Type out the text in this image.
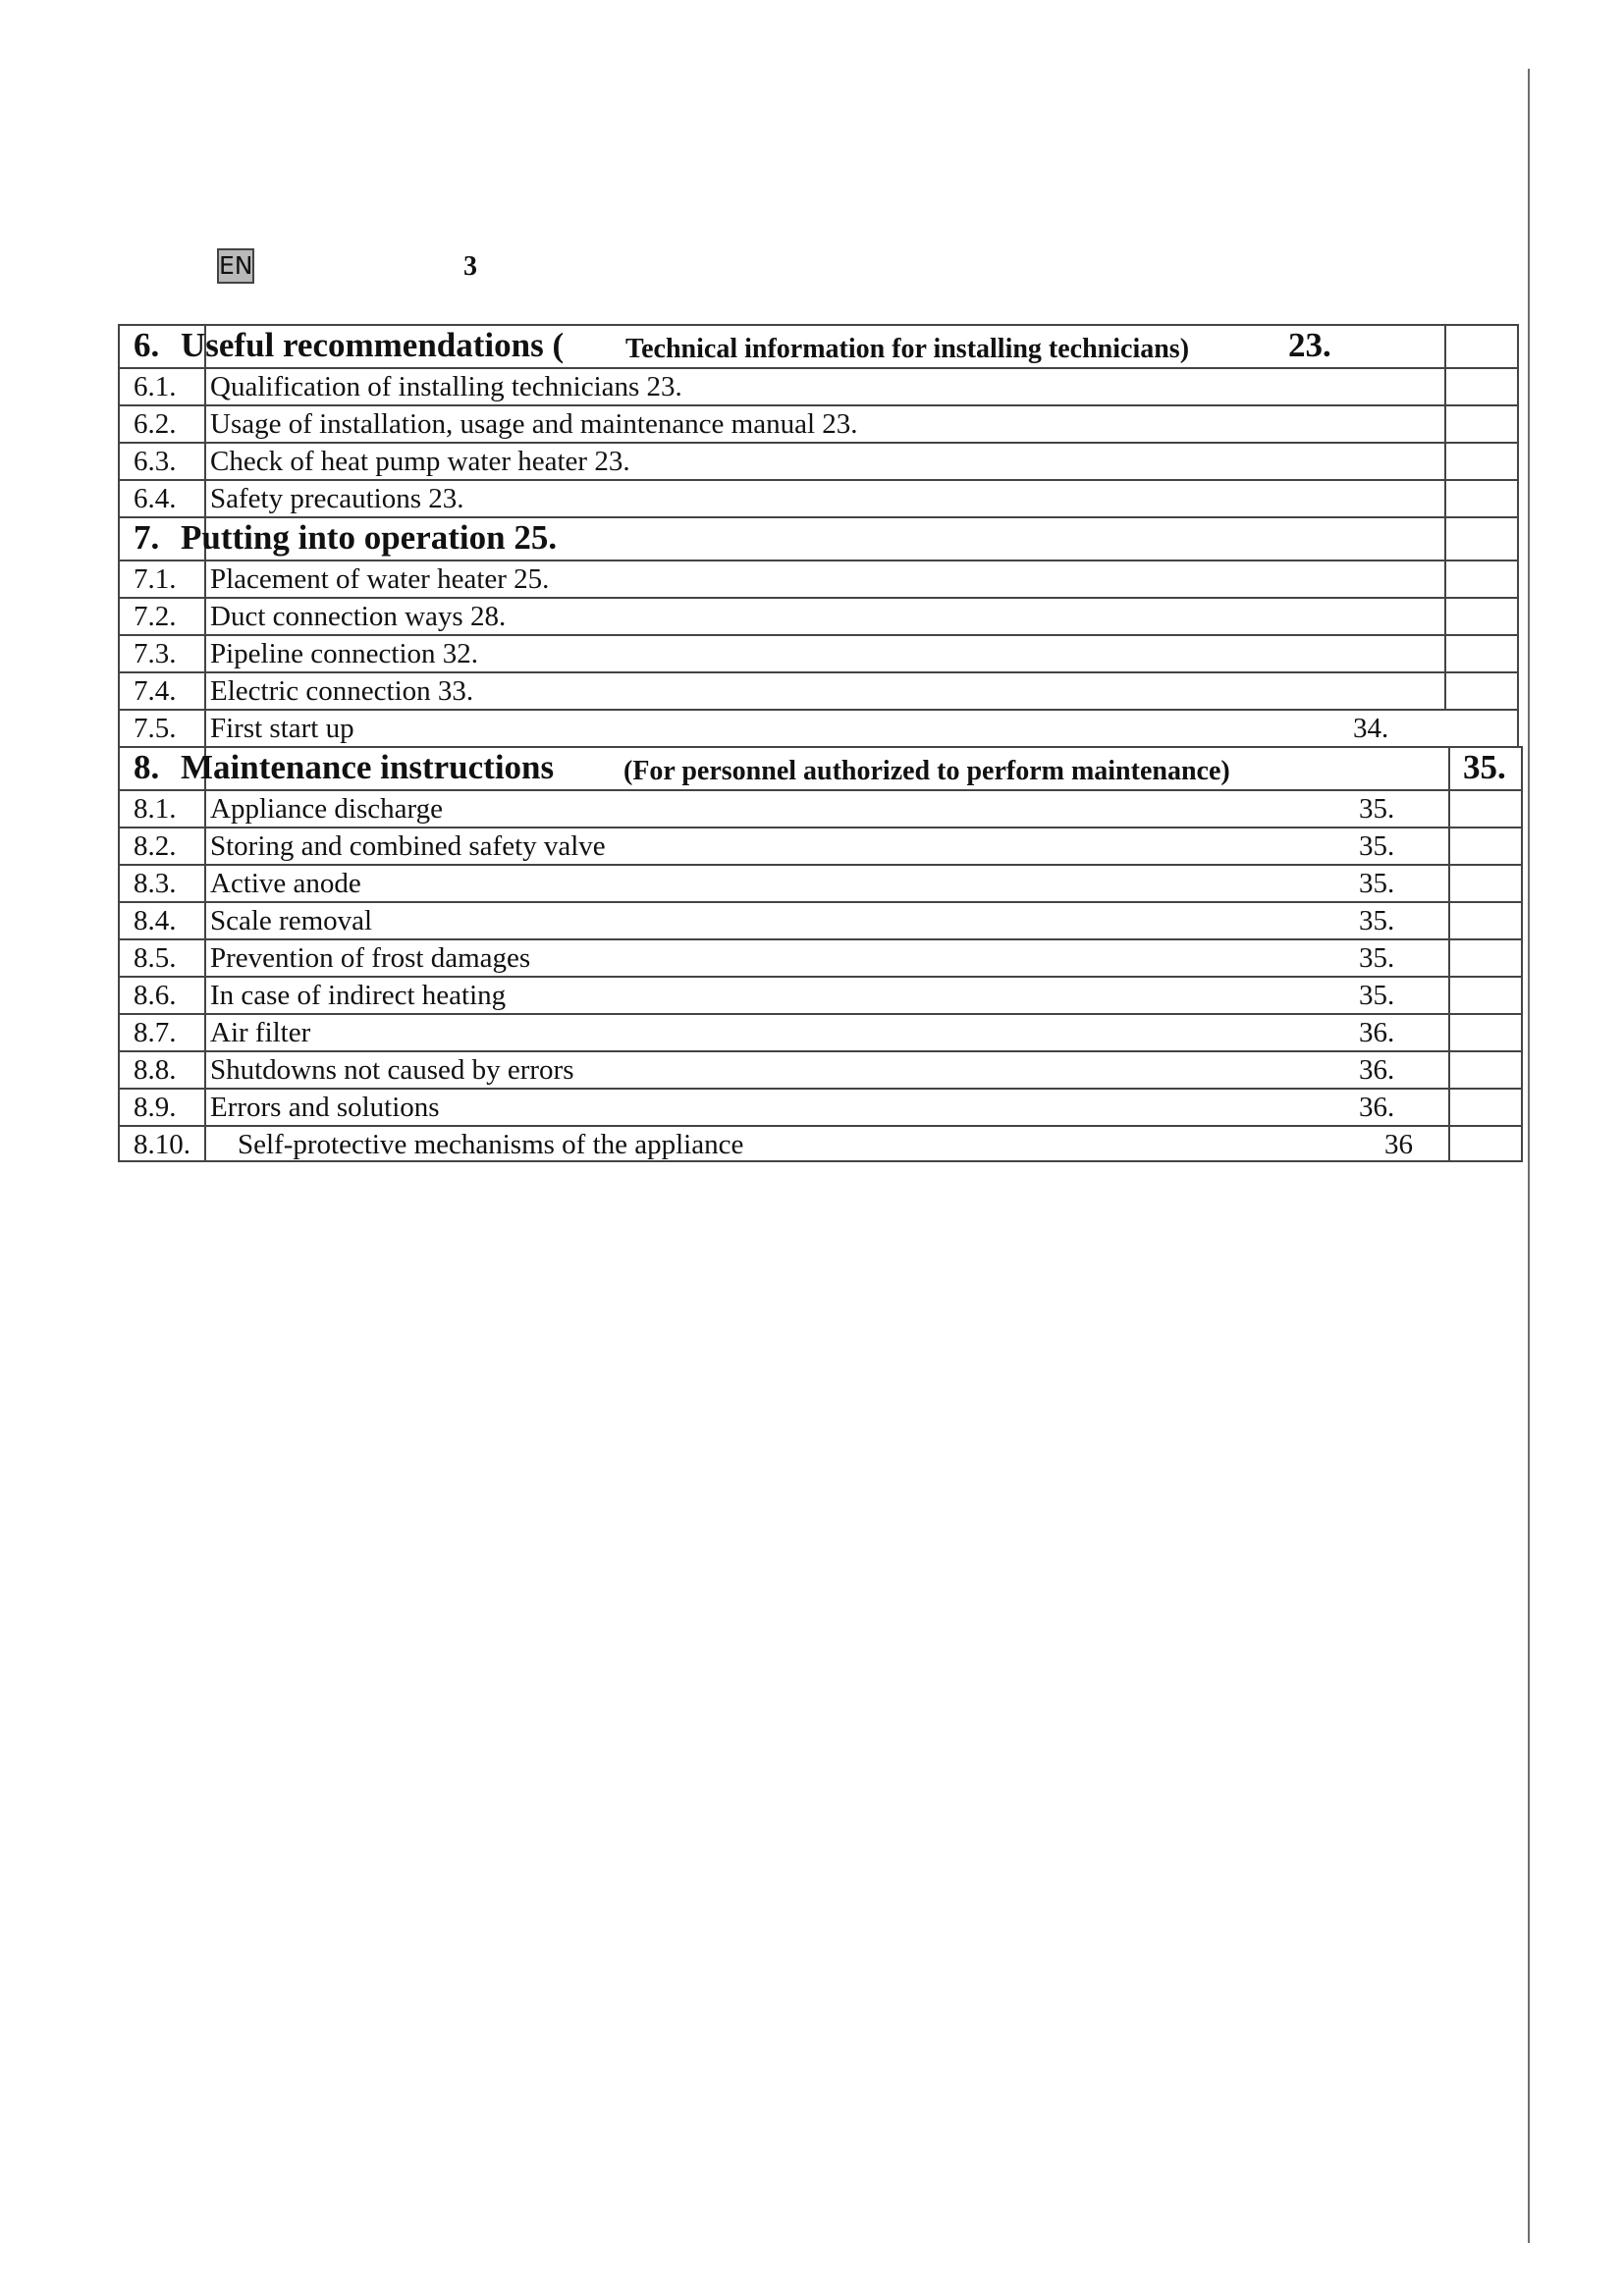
EN	3
6. Useful recommendations ( Technical information for installing technicians)	23.
6.1. Qualification of installing technicians 23.
6.2. Usage of installation, usage and maintenance manual 23.
6.3. Check of heat pump water heater 23.
6.4. Safety precautions 23.
7. Putting into operation 25.
7.1. Placement of water heater 25.
7.2. Duct connection ways 28.
7.3. Pipeline connection 32.
7.4. Electric connection 33.
7.5. First start up	34.
8. Maintenance instructions	(For personnel authorized to perform maintenance)	35.
8.1. Appliance discharge	35.
8.2. Storing and combined safety valve	35.
8.3. Active anode	35.
8.4. Scale removal	35.
8.5. Prevention of frost damages	35.
8.6. In case of indirect heating	35.
8.7. Air filter	36.
8.8. Shutdowns not caused by errors	36.
8.9. Errors and solutions	36.
8.10. Self-protective mechanisms of the appliance	36
